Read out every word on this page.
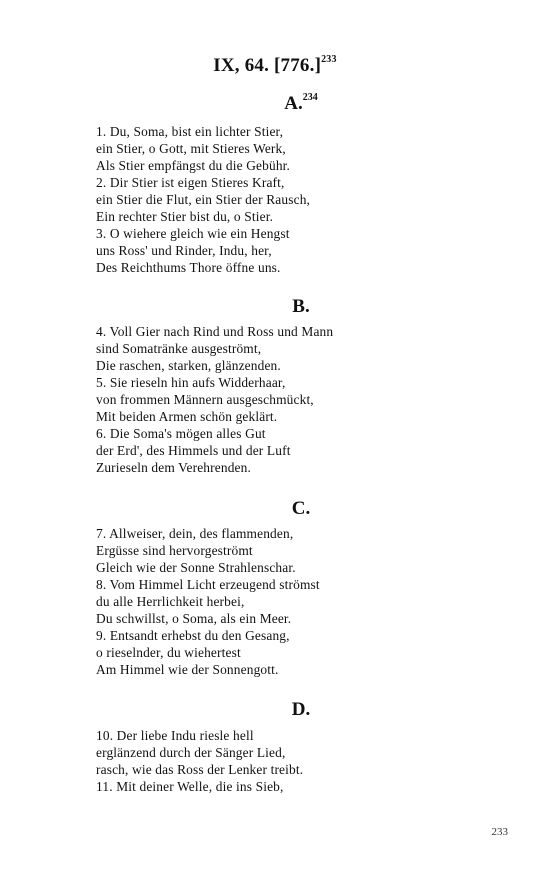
IX, 64. $[776.]^{233}$
233
A.$^{234}$
1. Du, Soma, bist ein lichter Stier,
ein Stier, o Gott, mit Stieres Werk,
Als Stier empfängst du die Gebühr.
2. Dir Stier ist eigen Stieres Kraft,
ein Stier die Flut, ein Stier der Rausch,
Ein rechter Stier bist du, o Stier.
3. O wiehere gleich wie ein Hengst
uns Ross' und Rinder, Indu, her,
Des Reichthums Thore öffne uns.
B.
4. Voll Gier nach Rind und Ross und Mann
sind Somatränke ausgeströmt,
Die raschen, starken, glänzenden.
5. Sie rieseln hin aufs Widderhaar,
von frommen Männern ausgeschmückt,
Mit beiden Armen schön geklärt.
6. Die Soma's mögen alles Gut
der Erd', des Himmels und der Luft
Zurieseln dem Verehrenden.
C.
7. Allweiser, dein, des flammenden,
Ergüsse sind hervorgeströmt
Gleich wie der Sonne Strahlenschar.
8. Vom Himmel Licht erzeugend strömst
du alle Herrlichkeit herbei,
Du schwillst, o Soma, als ein Meer.
9. Entsandt erhebst du den Gesang,
o rieselnder, du wiehertest
Am Himmel wie der Sonnengott.
D.
10. Der liebe Indu riesle hell
erglänzend durch der Sänger Lied,
rasch, wie das Ross der Lenker treibt.
11. Mit deiner Welle, die ins Sieb,
